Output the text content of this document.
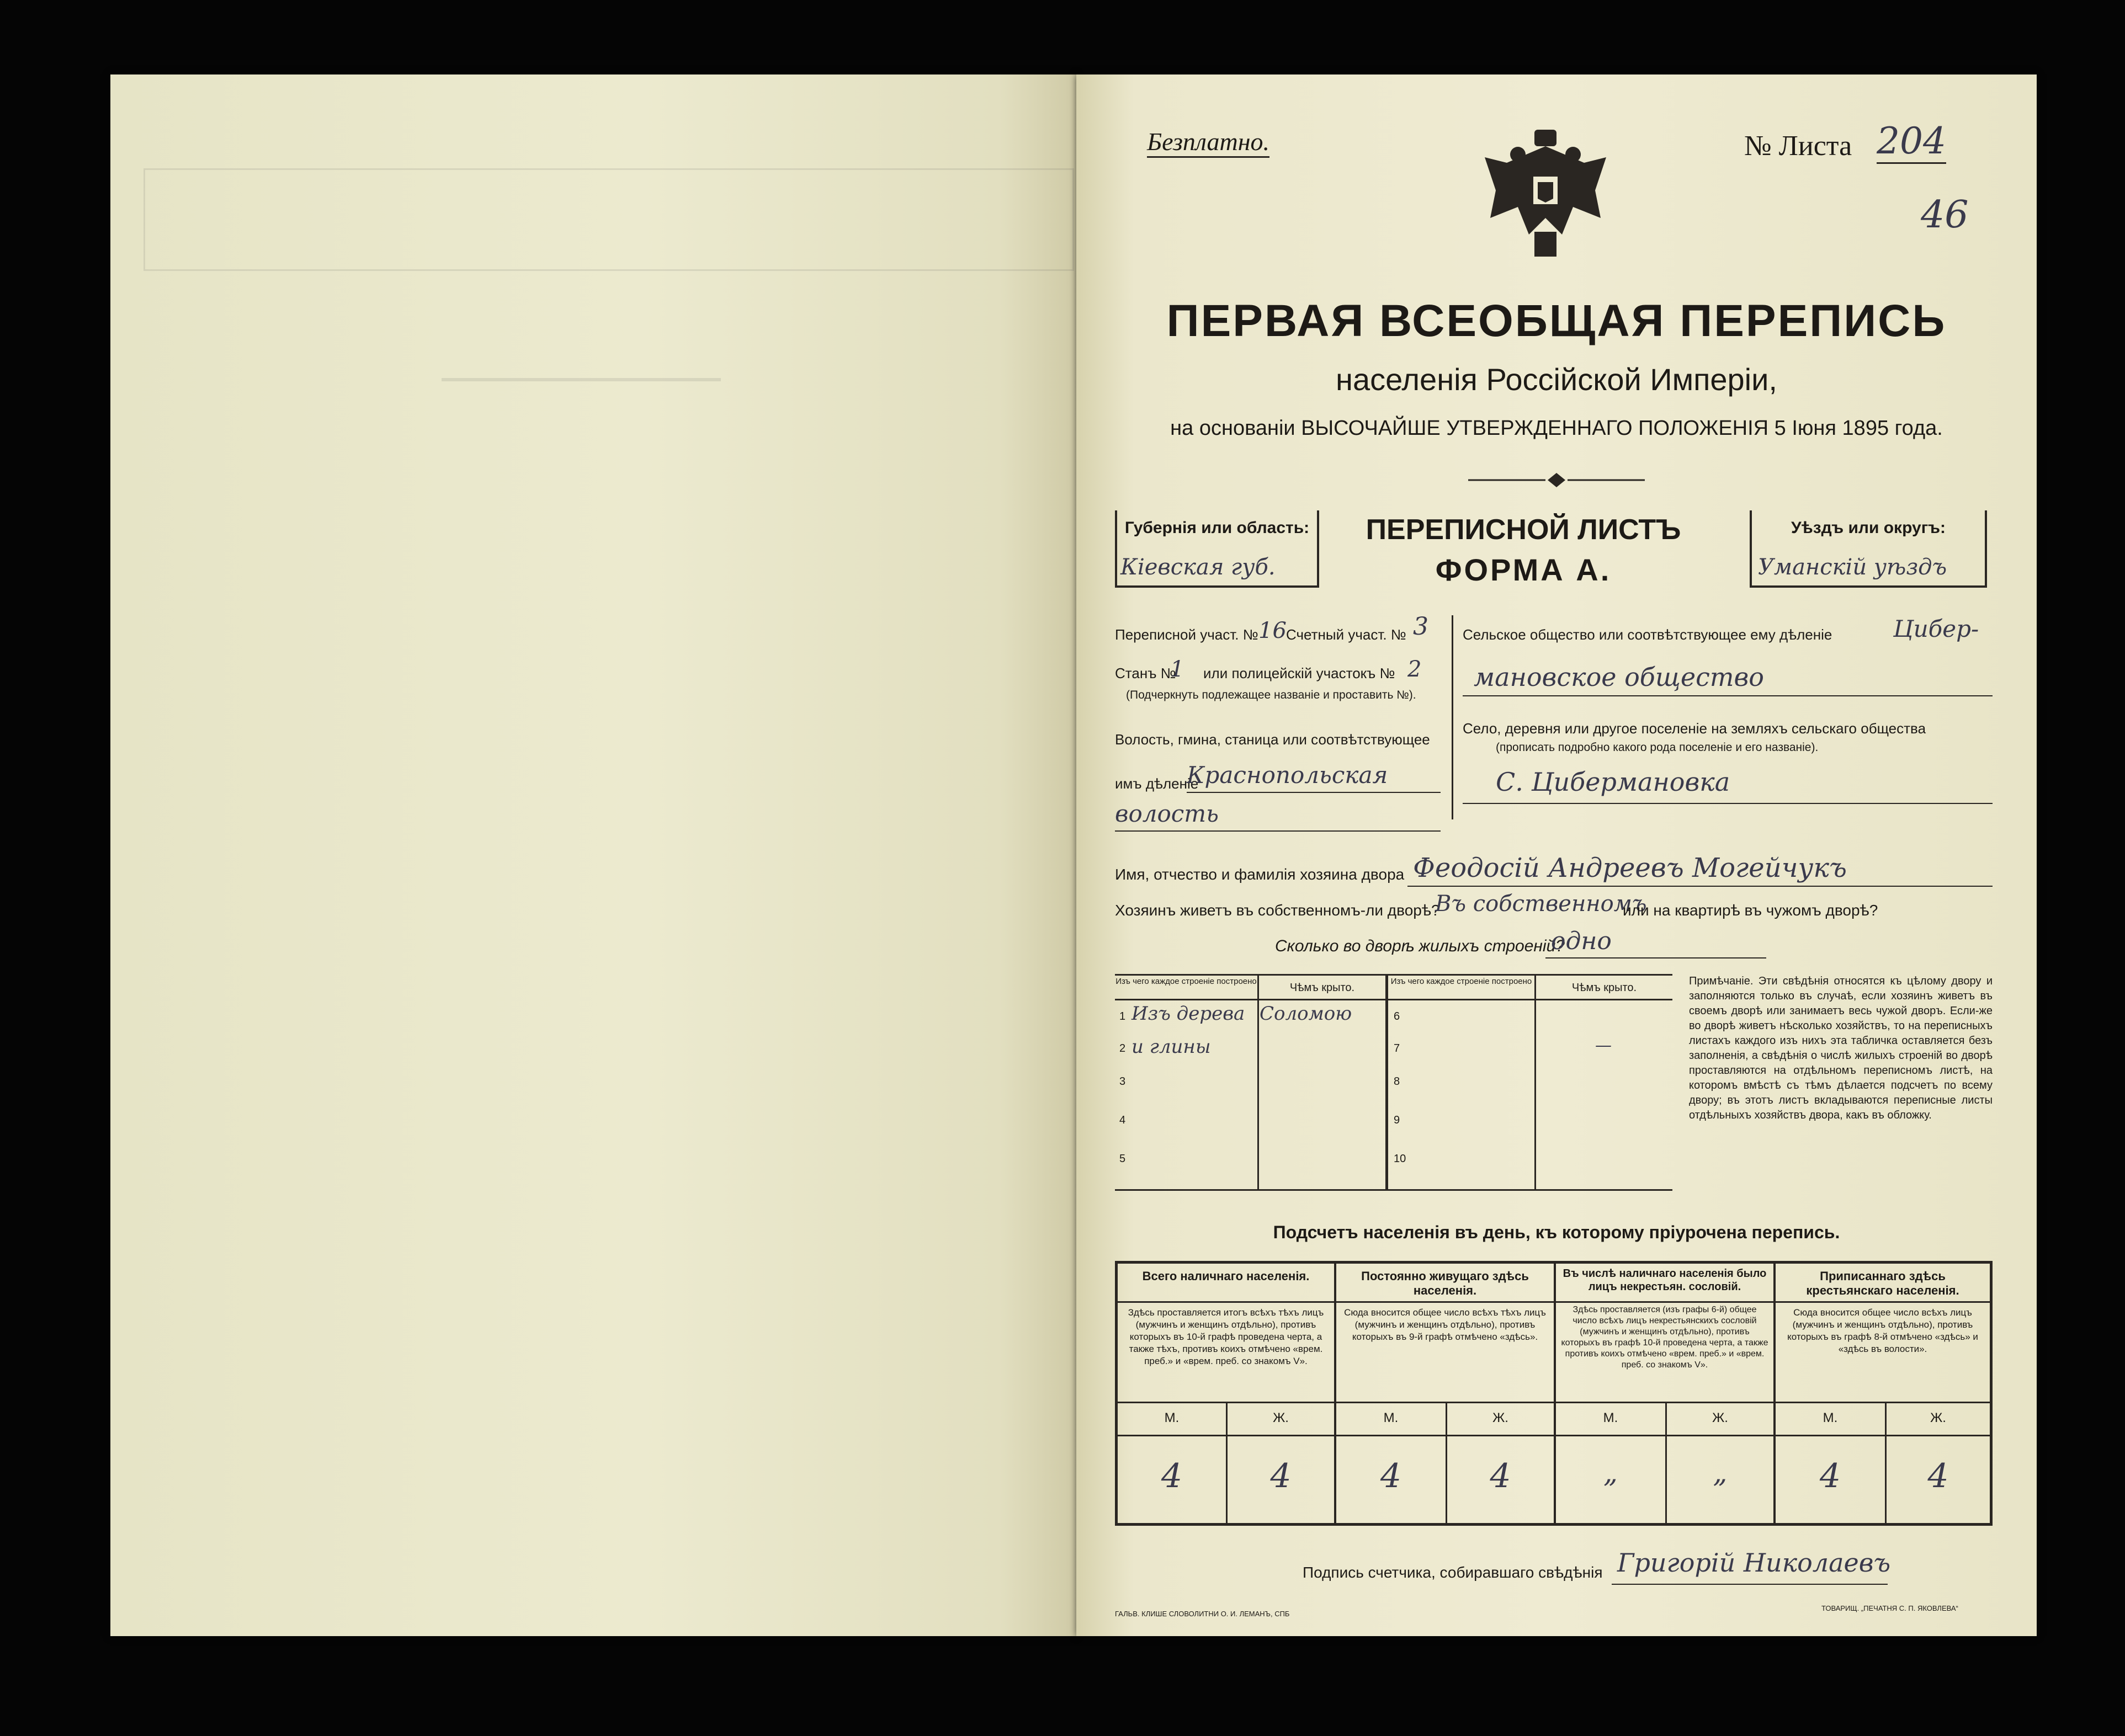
Безплатно.	№ Листа 204
46
ПЕРВАЯ ВСЕОБЩАЯ ПЕРЕПИСЬ
населенія Россійской Имперіи,
на основаніи ВЫСОЧАЙШЕ УТВЕРЖДЕННАГО ПОЛОЖЕНІЯ 5 Іюня 1895 года.
Губернія или область:
Кіевская губ.
ПЕРЕПИСНОЙ ЛИСТЪ
ФОРМА А.
Уѣздъ или округъ:
Уманскій уѣздъ
Переписной участ. № 16 Счетный участ. № 3
Станъ №
1 или полицейскій участокъ № 2
(Подчеркнуть подлежащее названіе и проставить №).
Волость, гмина, станица или соотвѣтствующее
имъ дѣленіе
Краснопольская
волость
Сельское общество или соотвѣтствующее ему дѣленіе	Цибер-
мановское общество
Село, деревня или другое поселеніе на земляхъ сельскаго общества
(прописать подробно какого рода поселеніе и его названіе).
С. Цибермановка
Имя, отчество и фамилія хозяина двора Феодосій Андреевъ Могейчукъ
Хозяинъ живетъ въ собственномъ-ли дворѣ?
Въ собственномъ
или на квартирѣ въ чужомъ дворѣ?
Сколько во дворѣ жилыхъ строеній?
одно
Изъ чего каждое строеніе построено
Чѣмъ крыто.
Изъ чего каждое строеніе построено
Чѣмъ крыто.
1 Изъ дерева Соломою
2 и глины
3
4
5
6
7	—
8
9
10
Примѣчаніе. Эти свѣдѣнія относятся къ цѣлому двору и заполняются только въ случаѣ, если хозяинъ живетъ въ своемъ дворѣ или занимаетъ весь чужой дворъ. Если-же во дворѣ живетъ нѣсколько хозяйствъ, то на переписныхъ листахъ каждого изъ нихъ эта табличка оставляется безъ заполненія, а свѣдѣнія о числѣ жилыхъ строеній во дворѣ проставляются на отдѣльномъ переписномъ листѣ, на которомъ вмѣстѣ съ тѣмъ дѣлается подсчетъ по всему двору; въ этотъ листъ вкладываются переписные листы отдѣльныхъ хозяйствъ двора, какъ въ обложку.
Подсчетъ населенія въ день, къ которому пріурочена перепись.
Всего наличнаго населенія.
Здѣсь проставляется итогъ всѣхъ тѣхъ лицъ (мужчинъ и женщинъ отдѣльно), противъ которыхъ въ 10-й графѣ проведена черта, а также тѣхъ, противъ коихъ отмѣчено «врем. преб.» и «врем. преб. со знакомъ V».
Постоянно живущаго здѣсь населенія.
Сюда вносится общее число всѣхъ тѣхъ лицъ (мужчинъ и женщинъ отдѣльно), противъ которыхъ въ 9-й графѣ отмѣчено «здѣсь».
Въ числѣ наличнаго населенія было лицъ некрестьян. сословій.
Здѣсь проставляется (изъ графы 6-й) общее число всѣхъ лицъ некрестьянскихъ сословій (мужчинъ и женщинъ отдѣльно), противъ которыхъ въ графѣ 10-й проведена черта, а также противъ коихъ отмѣчено «врем. преб.» и «врем. преб. со знакомъ V».
Приписаннаго здѣсь крестьянскаго населенія.
Сюда вносится общее число всѣхъ лицъ (мужчинъ и женщинъ отдѣльно), противъ которыхъ въ графѣ 8-й отмѣчено «здѣсь» и «здѣсь въ волости».
М.	Ж.	М.	Ж.	М.	Ж.	М.	Ж.
4	4	4	4	„	„	4	4
Подпись счетчика, собиравшаго свѣдѣнія Григорій Николаевъ
ГАЛЬВ. КЛИШЕ СЛОВОЛИТНИ О. И. ЛЕМАНЪ, СПБ
ТОВАРИЩ. „ПЕЧАТНЯ С. П. ЯКОВЛЕВА“
